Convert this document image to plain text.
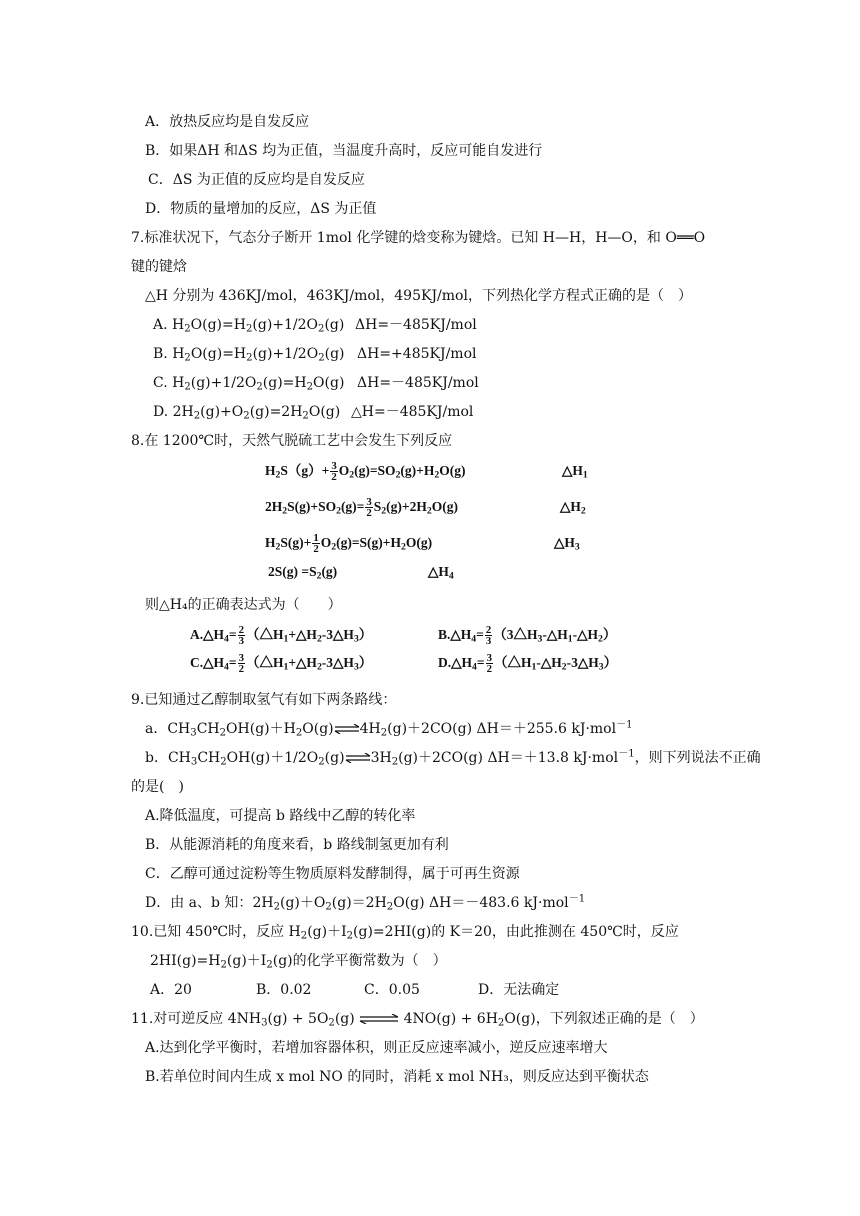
A．放热反应均是自发反应
B．如果ΔH 和ΔS 均为正值，当温度升高时，反应可能自发进行
C．ΔS 为正值的反应均是自发反应
D．物质的量增加的反应，ΔS 为正值
7.标准状况下，气态分子断开 1mol 化学键的焓变称为键焓。已知 H—H，H—O，和 O══O
键的键焓
△H 分别为 436KJ/mol，463KJ/mol，495KJ/mol，下列热化学方程式正确的是（　）
A. $H_2O(g)=H_2(g)+1/2O_2(g)$ ΔH=－485KJ/mol
B. $H_2O(g)=H_2(g)+1/2O_2(g)$ ΔH=+485KJ/mol
C. $H_2(g)+1/2O_2(g)=H_2O(g)$ ΔH=－485KJ/mol
D. $2H_2(g)+O_2(g)=2H_2O(g)$ △H=－485KJ/mol
8.在 1200℃时，天然气脱硫工艺中会发生下列反应
$H_2S(g)+ \frac{3}{2} O_2(g)=SO_2(g)+H_2O(g)$	$\triangle H_1$
$2H_2S(g)+SO_2(g)= \frac{3}{2} S_2(g)+2H_2O(g)$	$\triangle H_2$
$H_2S(g)+ \frac{1}{2} O_2(g)=S(g)+H_2O(g)$	$\triangle H_3$
$2S(g) =S_2(g)$	$\triangle H_4$
则△H₄的正确表达式为（　　）
$A.\triangle H_4= \frac{2}{3}$ $(\triangle H_1+\triangle H_2-3\triangle H_3)$	$B.\triangle H_4= \frac{2}{3}$ $(3\triangle H_3-\triangle H_1-\triangle H_2)$
$C.\triangle H_4= \frac{3}{2}$ $(\triangle H_1+\triangle H_2-3\triangle H_3)$	$D.\triangle H_4= \frac{3}{2}$ $(\triangle H_1-\triangle H_2-3\triangle H_3)$
9.已知通过乙醇制取氢气有如下两条路线：
a．$CH_3CH_2OH(g)+H_2O(g)\rightleftharpoons 4H_2(g)+2CO(g)$ ΔH＝＋255.6 kJ·mol$^{-1}$
b．$CH_3CH_2OH(g)+1/2O_2(g)\rightleftharpoons 3H_2(g)+2CO(g)$ ΔH＝＋13.8 kJ·mol$^{-1}$，则下列说法不正确
的是(　)
A.降低温度，可提高 b 路线中乙醇的转化率
B．从能源消耗的角度来看，b 路线制氢更加有利
C．乙醇可通过淀粉等生物质原料发酵制得，属于可再生资源
D．由 a、b 知：$2H_2(g)+O_2(g)=2H_2O(g)$ ΔH＝－483.6 kJ·mol$^{-1}$
10.已知 450℃时，反应 $H_2(g)+I_2(g)=2HI(g)$的 K＝20，由此推测在 450℃时，反应
$2HI(g)=H_2(g)+I_2(g)$的化学平衡常数为（　）
A．20	B．0.02	C．0.05	D．无法确定
11.对可逆反应 $4NH_3(g) + 5O_2(g)$ ⇌ $4NO(g) + 6H_2O(g)$，下列叙述正确的是（　）
A.达到化学平衡时，若增加容器体积，则正反应速率减小，逆反应速率增大
B.若单位时间内生成 x mol NO 的同时，消耗 x mol NH₃，则反应达到平衡状态
